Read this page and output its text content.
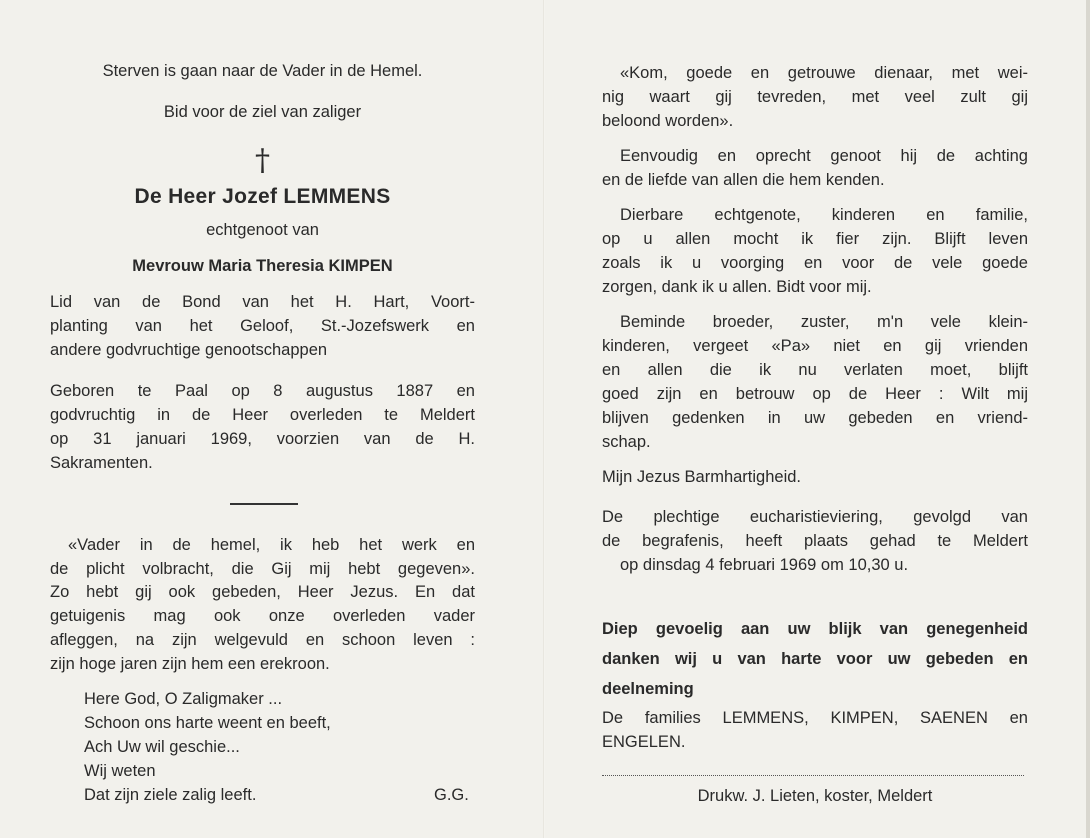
Sterven is gaan naar de Vader in de Hemel.
Bid voor de ziel van zaliger
†
De Heer Jozef LEMMENS
echtgenoot van
Mevrouw Maria Theresia KIMPEN
Lid van de Bond van het H. Hart, Voort-
planting van het Geloof, St.-Jozefswerk en
andere godvruchtige genootschappen
Geboren te Paal op 8 augustus 1887 en
godvruchtig in de Heer overleden te Meldert
op 31 januari 1969, voorzien van de H.
Sakramenten.
«Vader in de hemel, ik heb het werk en
de plicht volbracht, die Gij mij hebt gegeven».
Zo hebt gij ook gebeden, Heer Jezus. En dat
getuigenis mag ook onze overleden vader
afleggen, na zijn welgevuld en schoon leven :
zijn hoge jaren zijn hem een erekroon.
Here God, O Zaligmaker ...
Schoon ons harte weent en beeft,
Ach Uw wil geschie...
Wij weten
Dat zijn ziele zalig leeft.	G.G.
«Kom, goede en getrouwe dienaar, met wei-
nig waart gij tevreden, met veel zult gij
beloond worden».
Eenvoudig en oprecht genoot hij de achting
en de liefde van allen die hem kenden.
Dierbare echtgenote, kinderen en familie,
op u allen mocht ik fier zijn. Blijft leven
zoals ik u voorging en voor de vele goede
zorgen, dank ik u allen. Bidt voor mij.
Beminde broeder, zuster, m'n vele klein-
kinderen, vergeet «Pa» niet en gij vrienden
en allen die ik nu verlaten moet, blijft
goed zijn en betrouw op de Heer : Wilt mij
blijven gedenken in uw gebeden en vriend-
schap.
Mijn Jezus Barmhartigheid.
De plechtige eucharistieviering, gevolgd van
de begrafenis, heeft plaats gehad te Meldert
op dinsdag 4 februari 1969 om 10,30 u.
Diep gevoelig aan uw blijk van genegenheid
danken wij u van harte voor uw gebeden en
deelneming
De families LEMMENS, KIMPEN, SAENEN en
ENGELEN.
Drukw. J. Lieten, koster, Meldert
